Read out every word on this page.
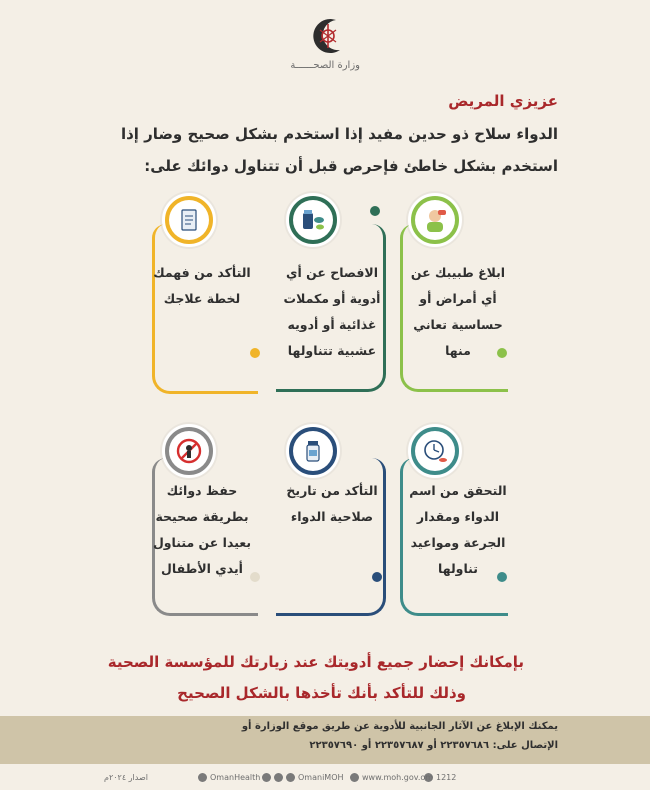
وزارة الصحــــــة
عزيزي المريض
الدواء سلاح ذو حدين مفيد إذا استخدم بشكل صحيح وضار إذا استخدم بشكل خاطئ فإحرص قبل أن تتناول دوائك على:
ابلاغ طبيبك عن أي أمراض أو حساسية تعاني منها
الافصاح عن أي أدوية أو مكملات غذائية أو أدويه عشبية تتناولها
التأكد من فهمك لخطة علاجك
التحقق من اسم الدواء ومقدار الجرعة ومواعيد تناولها
التأكد من تاريخ صلاحية الدواء
حفظ دوائك بطريقة صحيحة بعيدا عن متناول أيدي الأطفال
بإمكانك إحضار جميع أدويتك عند زيارتك للمؤسسة الصحية
وذلك للتأكد بأنك تأخذها بالشكل الصحيح
يمكنك الإبلاغ عن الآثار الجانبية للأدوية عن طريق موقع الوزارة أو
الإتصال على: ٢٢٣٥٧٦٨٦ أو ٢٢٣٥٧٦٨٧ أو ٢٢٣٥٧٦٩٠
1212
www.moh.gov.om
OmaniMOH
OmanHealth
اصدار ٢٠٢٤م
